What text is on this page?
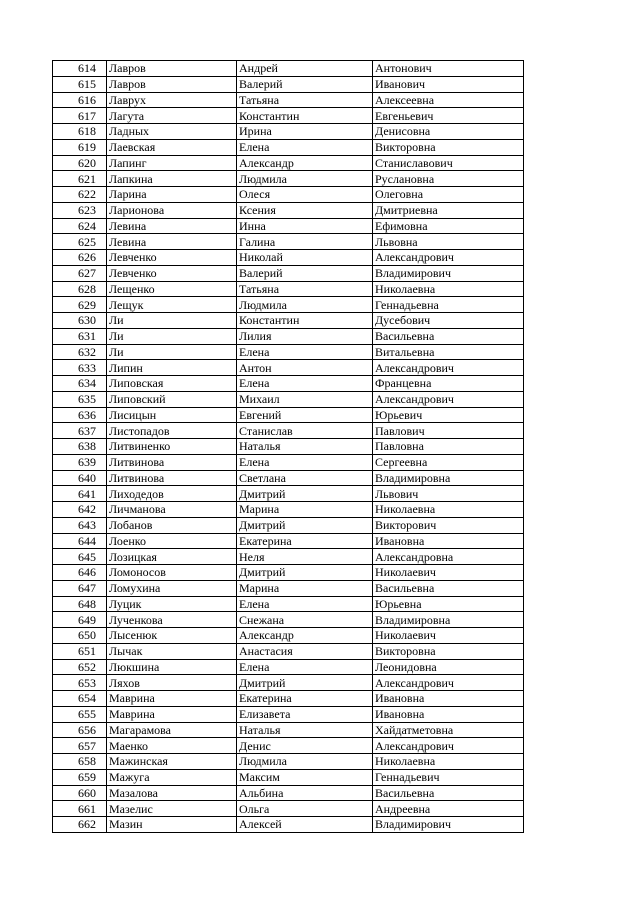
614	Лавров	Андрей	Антонович
615	Лавров	Валерий	Иванович
616	Лаврух	Татьяна	Алексеевна
617	Лагута	Константин	Евгеньевич
618	Ладных	Ирина	Денисовна
619	Лаевская	Елена	Викторовна
620	Лапинг	Александр	Станиславович
621	Лапкина	Людмила	Руслановна
622	Ларина	Олеся	Олеговна
623	Ларионова	Ксения	Дмитриевна
624	Левина	Инна	Ефимовна
625	Левина	Галина	Львовна
626	Левченко	Николай	Александрович
627	Левченко	Валерий	Владимирович
628	Лещенко	Татьяна	Николаевна
629	Лещук	Людмила	Геннадьевна
630	Ли	Константин	Дусебович
631	Ли	Лилия	Васильевна
632	Ли	Елена	Витальевна
633	Липин	Антон	Александрович
634	Липовская	Елена	Францевна
635	Липовский	Михаил	Александрович
636	Лисицын	Евгений	Юрьевич
637	Листопадов	Станислав	Павлович
638	Литвиненко	Наталья	Павловна
639	Литвинова	Елена	Сергеевна
640	Литвинова	Светлана	Владимировна
641	Лиходедов	Дмитрий	Львович
642	Личманова	Марина	Николаевна
643	Лобанов	Дмитрий	Викторович
644	Лоенко	Екатерина	Ивановна
645	Лозицкая	Неля	Александровна
646	Ломоносов	Дмитрий	Николаевич
647	Ломухина	Марина	Васильевна
648	Луцик	Елена	Юрьевна
649	Лученкова	Снежана	Владимировна
650	Лысенюк	Александр	Николаевич
651	Лычак	Анастасия	Викторовна
652	Люкшина	Елена	Леонидовна
653	Ляхов	Дмитрий	Александрович
654	Маврина	Екатерина	Ивановна
655	Маврина	Елизавета	Ивановна
656	Магарамова	Наталья	Хайдатметовна
657	Маенко	Денис	Александрович
658	Мажинская	Людмила	Николаевна
659	Мажуга	Максим	Геннадьевич
660	Мазалова	Альбина	Васильевна
661	Мазелис	Ольга	Андреевна
662	Мазин	Алексей	Владимирович
